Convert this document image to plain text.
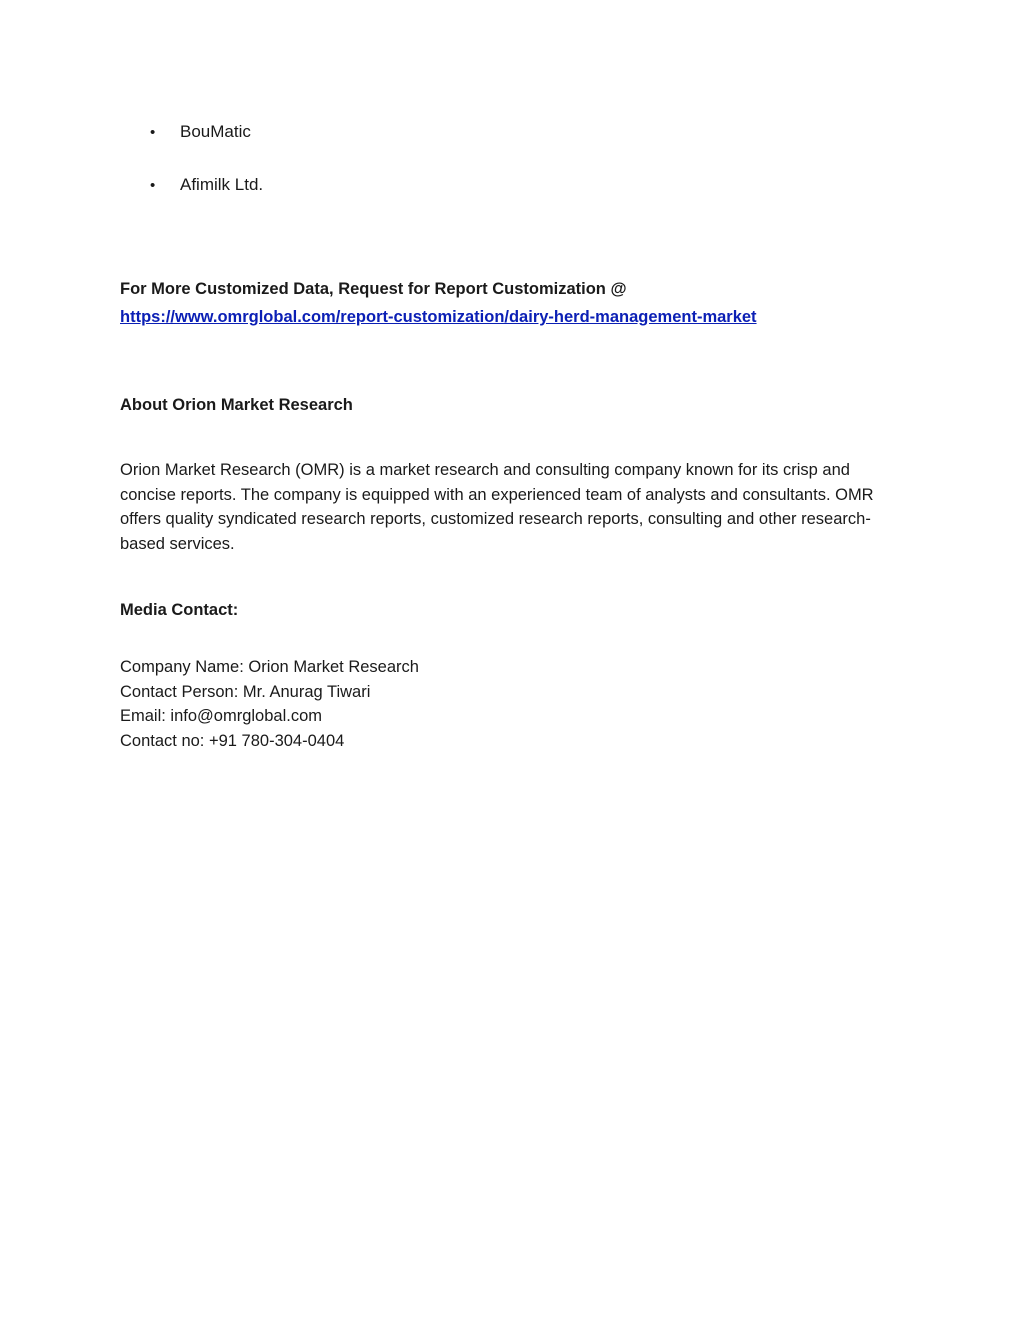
•	BouMatic
•	Afimilk Ltd.
For More Customized Data, Request for Report Customization @
https://www.omrglobal.com/report-customization/dairy-herd-management-market
About Orion Market Research

Orion Market Research (OMR) is a market research and consulting company known for its crisp and concise reports. The company is equipped with an experienced team of analysts and consultants. OMR offers quality syndicated research reports, customized research reports, consulting and other research-based services.

Media Contact:
Company Name: Orion Market Research
Contact Person: Mr. Anurag Tiwari
Email: info@omrglobal.com
Contact no: +91 780-304-0404
